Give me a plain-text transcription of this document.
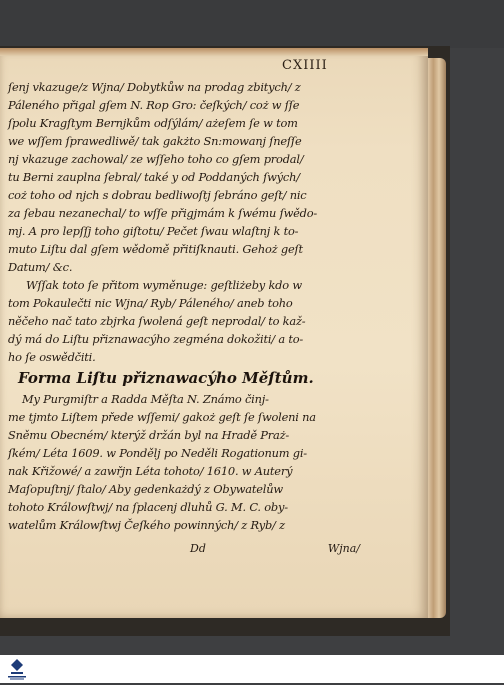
CXIIII
ſenj vkazuge/z Wjna/ Dobytkůw na prodag zbitych/ z
Páleného přigal gſem N. Rop Gro: čeſkých/ coż w ſſe
ſpolu Kragſtym Bernjkům odſýlám/ ażeſem ſe w tom
we wſſem ſprawedliwě/ tak gakżto Sn:mowanj ſneſſe
nj vkazuge zachowal/ ze wſſeho toho co gſem prodal/
tu Berni zauplna ſebral/ také y od Poddaných ſwých/
coż toho od njch s dobrau bedliwoſtj ſebráno geſt/ nic
za ſebau nezanechal/ to wſſe přigjmám k ſwému ſwědo-
mj. A pro lepſſj toho giſtotu/ Pečet ſwau wlaſtnj k to-
muto Liſtu dal gſem wědomě přitiſknauti. Gehoż geſt
Datum/ &c.
Wſſak toto ſe přitom wyměnuge: geſtliżeby kdo w
tom Pokaulečti nic Wjna/ Ryb/ Páleného/ aneb toho
něčeho nač tato zbjrka ſwolená geſt neprodal/ to kaž-
dý má do Liſtu přiznawacýho zegména dokožiti/ a to-
ho ſe oswědčiti.
Forma Liſtu přiznawacýho Měſtům.
My Purgmiſtr a Radda Měſta N. Známo činj-
me tjmto Liſtem přede wſſemi/ gakoż geſt ſe ſwoleni na
Sněmu Obecném/ kterýž držán byl na Hradě Praż-
ſkém/ Léta 1609. w Pondělj po Neděli Rogationum gi-
nak Křižowé/ a zawřjn Léta tohoto/ 1610. w Auterý
Maſopuſtnj/ ſtalo/ Aby gedenkażdý z Obywatelůw
tohoto Králowſtwj/ na ſplacenj dluhů G. M. C. oby-
watelům Králowſtwj Čeſkého powinných/ z Ryb/ z
Dd	Wjna/
